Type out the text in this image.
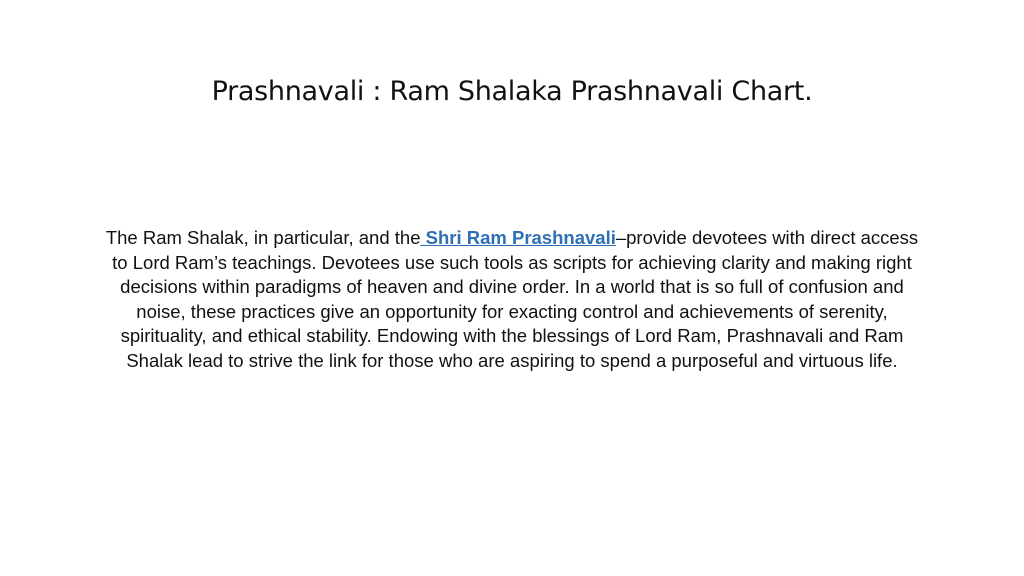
Prashnavali : Ram Shalaka Prashnavali Chart.

The Ram Shalak, in particular, and the Shri Ram Prashnavali–provide devotees with direct access to Lord Ram’s teachings. Devotees use such tools as scripts for achieving clarity and making right decisions within paradigms of heaven and divine order. In a world that is so full of confusion and noise, these practices give an opportunity for exacting control and achievements of serenity, spirituality, and ethical stability. Endowing with the blessings of Lord Ram, Prashnavali and Ram Shalak lead to strive the link for those who are aspiring to spend a purposeful and virtuous life.
